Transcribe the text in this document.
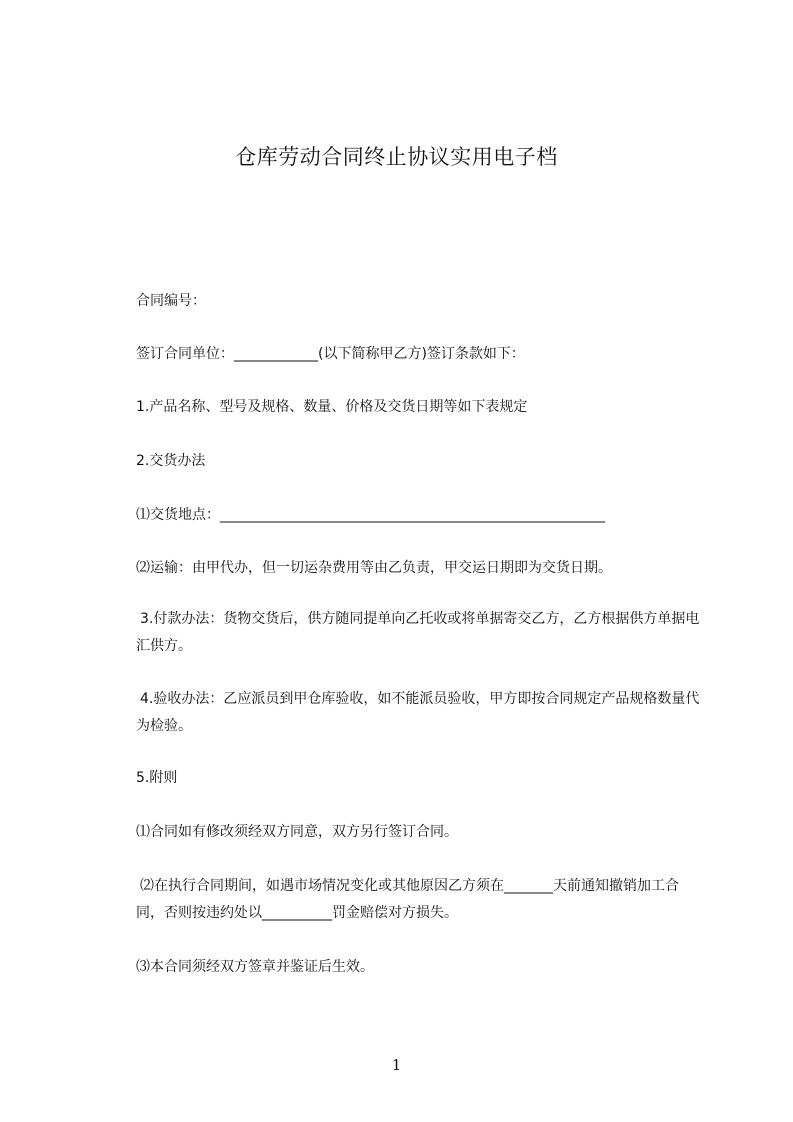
仓库劳动合同终止协议实用电子档
合同编号：
签订合同单位：____________(以下简称甲乙方)签订条款如下：
1.产品名称、型号及规格、数量、价格及交货日期等如下表规定
2.交货办法
⑴交货地点：_______________________________________________________
⑵运输：由甲代办，但一切运杂费用等由乙负责，甲交运日期即为交货日期。
3.付款办法：货物交货后，供方随同提单向乙托收或将单据寄交乙方，乙方根据供方单据电汇供方。
4.验收办法：乙应派员到甲仓库验收，如不能派员验收，甲方即按合同规定产品规格数量代为检验。
5.附则
⑴合同如有修改须经双方同意，双方另行签订合同。
⑵在执行合同期间，如遇市场情况变化或其他原因乙方须在_______天前通知撤销加工合同，否则按违约处以__________罚金赔偿对方损失。
⑶本合同须经双方签章并鉴证后生效。
1
